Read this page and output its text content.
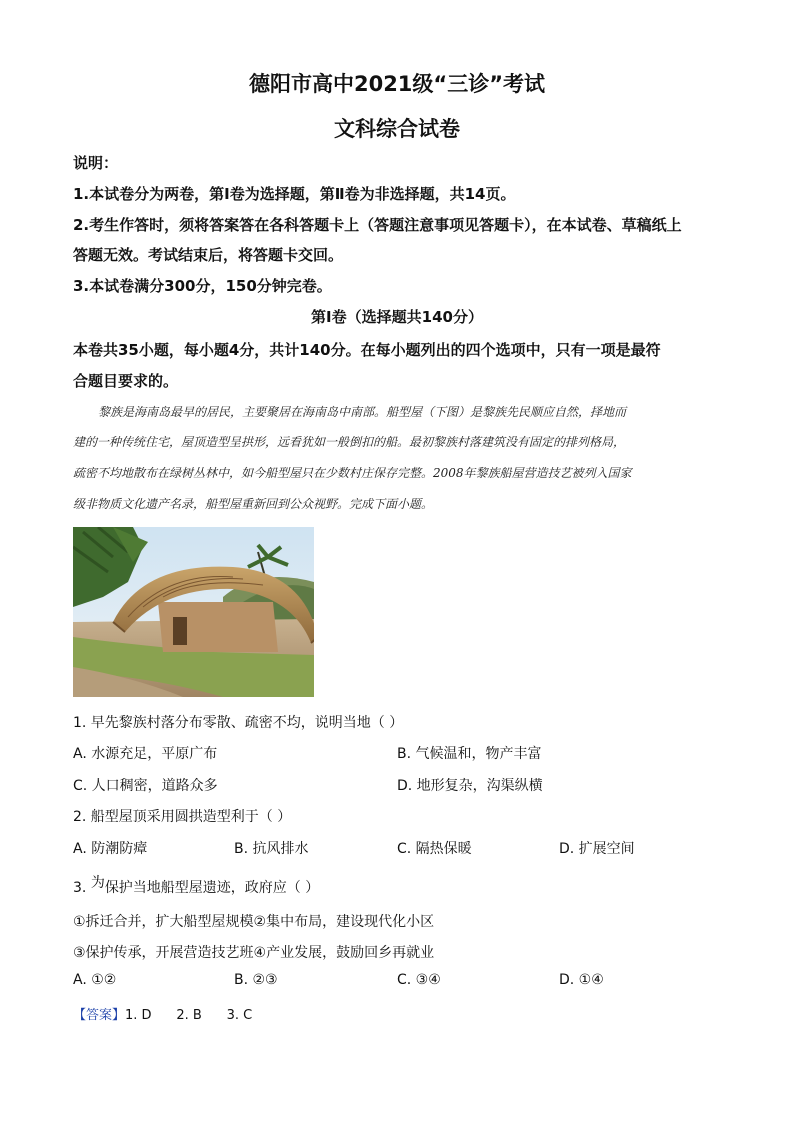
德阳市高中2021级“三诊”考试
文科综合试卷
说明：
1.本试卷分为两卷，第Ⅰ卷为选择题，第Ⅱ卷为非选择题，共14页。
2.考生作答时，须将答案答在各科答题卡上（答题注意事项见答题卡），在本试卷、草稿纸上
答题无效。考试结束后，将答题卡交回。
3.本试卷满分300分，150分钟完卷。
第Ⅰ卷（选择题共140分）
本卷共35小题，每小题4分，共计140分。在每小题列出的四个选项中，只有一项是最符
合题目要求的。
黎族是海南岛最早的居民，主要聚居在海南岛中南部。船型屋（下图）是黎族先民顺应自然，择地而
建的一种传统住宅，屋顶造型呈拱形，远看犹如一般倒扣的船。最初黎族村落建筑没有固定的排列格局，
疏密不均地散布在绿树丛林中，如今船型屋只在少数村庄保存完整。2008年黎族船屋营造技艺被列入国家
级非物质文化遗产名录，船型屋重新回到公众视野。完成下面小题。
1. 早先黎族村落分布零散、疏密不均，说明当地（ ）
A. 水源充足，平原广布	B. 气候温和，物产丰富
C. 人口稠密，道路众多	D. 地形复杂，沟渠纵横
2. 船型屋顶采用圆拱造型利于（ ）
A. 防潮防瘴	B. 抗风排水	C. 隔热保暖	D. 扩展空间
3. 为保护当地船型屋遗迹，政府应（ ）
①拆迁合并，扩大船型屋规模②集中布局，建设现代化小区
③保护传承，开展营造技艺班④产业发展，鼓励回乡再就业
A. ①②	B. ②③	C. ③④	D. ①④
【答案】1. D      2. B      3. C
